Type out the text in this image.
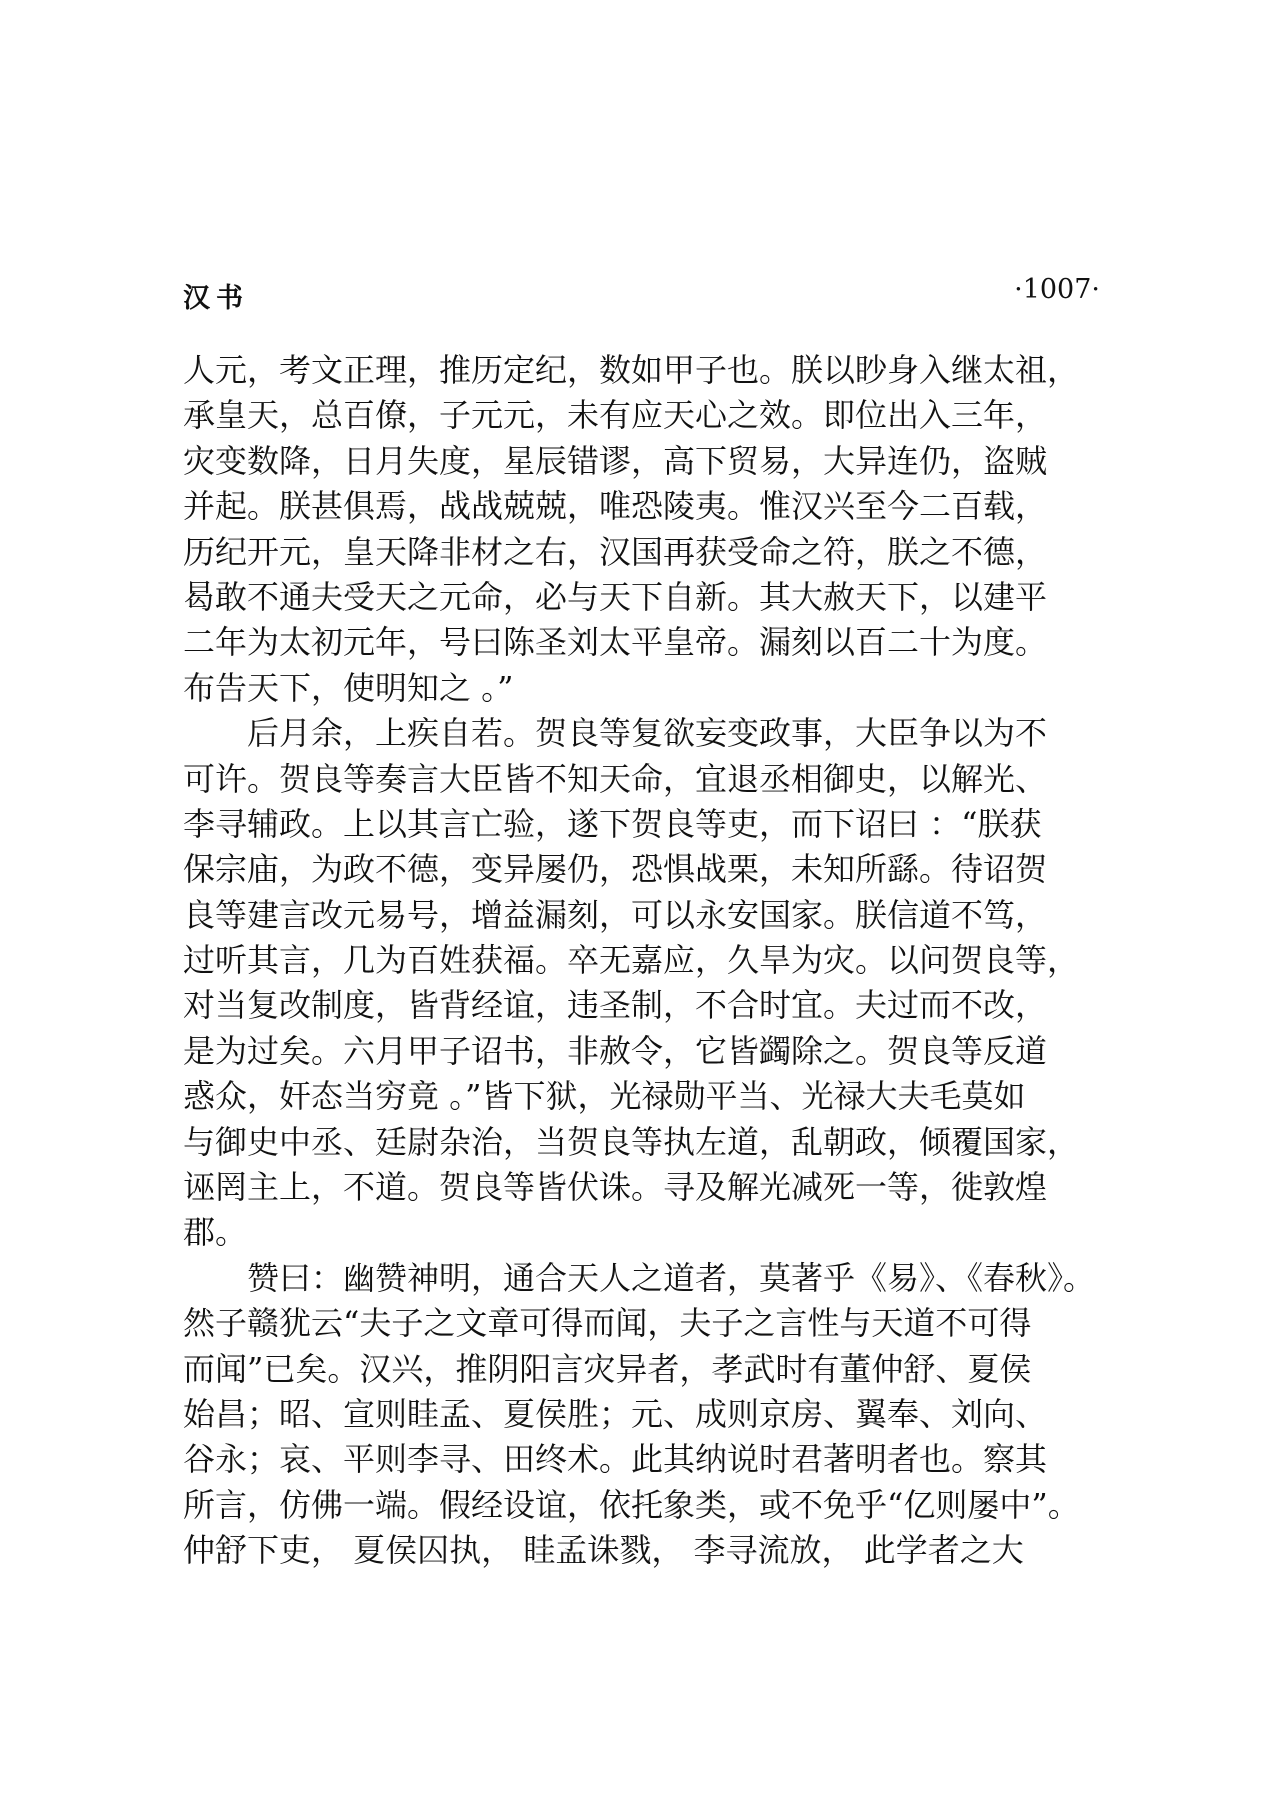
汉书	·1007·
人元，考文正理，推历定纪，数如甲子也。朕以眇身入继太祖，
承皇天，总百僚，子元元，未有应天心之效。即位出入三年，
灾变数降，日月失度，星辰错谬，高下贸易，大异连仍，盗贼
并起。朕甚俱焉，战战兢兢，唯恐陵夷。惟汉兴至今二百载，
历纪开元，皇天降非材之右，汉国再获受命之符，朕之不德，
曷敢不通夫受天之元命，必与天下自新。其大赦天下，以建平
二年为太初元年，号曰陈圣刘太平皇帝。漏刻以百二十为度。
布告天下，使明知之 。”
　　后月余，上疾自若。贺良等复欲妄变政事，大臣争以为不
可许。贺良等奏言大臣皆不知天命，宜退丞相御史，以解光、
李寻辅政。上以其言亡验，遂下贺良等吏，而下诏曰 ：“朕获
保宗庙，为政不德，变异屡仍，恐惧战栗，未知所繇。待诏贺
良等建言改元易号，增益漏刻，可以永安国家。朕信道不笃，
过听其言，几为百姓获福。卒无嘉应，久旱为灾。以问贺良等，
对当复改制度，皆背经谊，违圣制，不合时宜。夫过而不改，
是为过矣。六月甲子诏书，非赦令，它皆蠲除之。贺良等反道
惑众，奸态当穷竟 。”皆下狱，光禄勋平当、光禄大夫毛莫如
与御史中丞、廷尉杂治，当贺良等执左道，乱朝政，倾覆国家，
诬罔主上，不道。贺良等皆伏诛。寻及解光减死一等，徙敦煌
郡。
　　赞曰：幽赞神明，通合天人之道者，莫著乎《易》、《春秋》。
然子赣犹云“夫子之文章可得而闻，夫子之言性与天道不可得
而闻”已矣。汉兴，推阴阳言灾异者，孝武时有董仲舒、夏侯
始昌；昭、宣则眭孟、夏侯胜；元、成则京房、翼奉、刘向、
谷永；哀、平则李寻、田终术。此其纳说时君著明者也。察其
所言，仿佛一端。假经设谊，依托象类，或不免乎“亿则屡中”。
仲舒下吏， 夏侯囚执， 眭孟诛戮， 李寻流放， 此学者之大
